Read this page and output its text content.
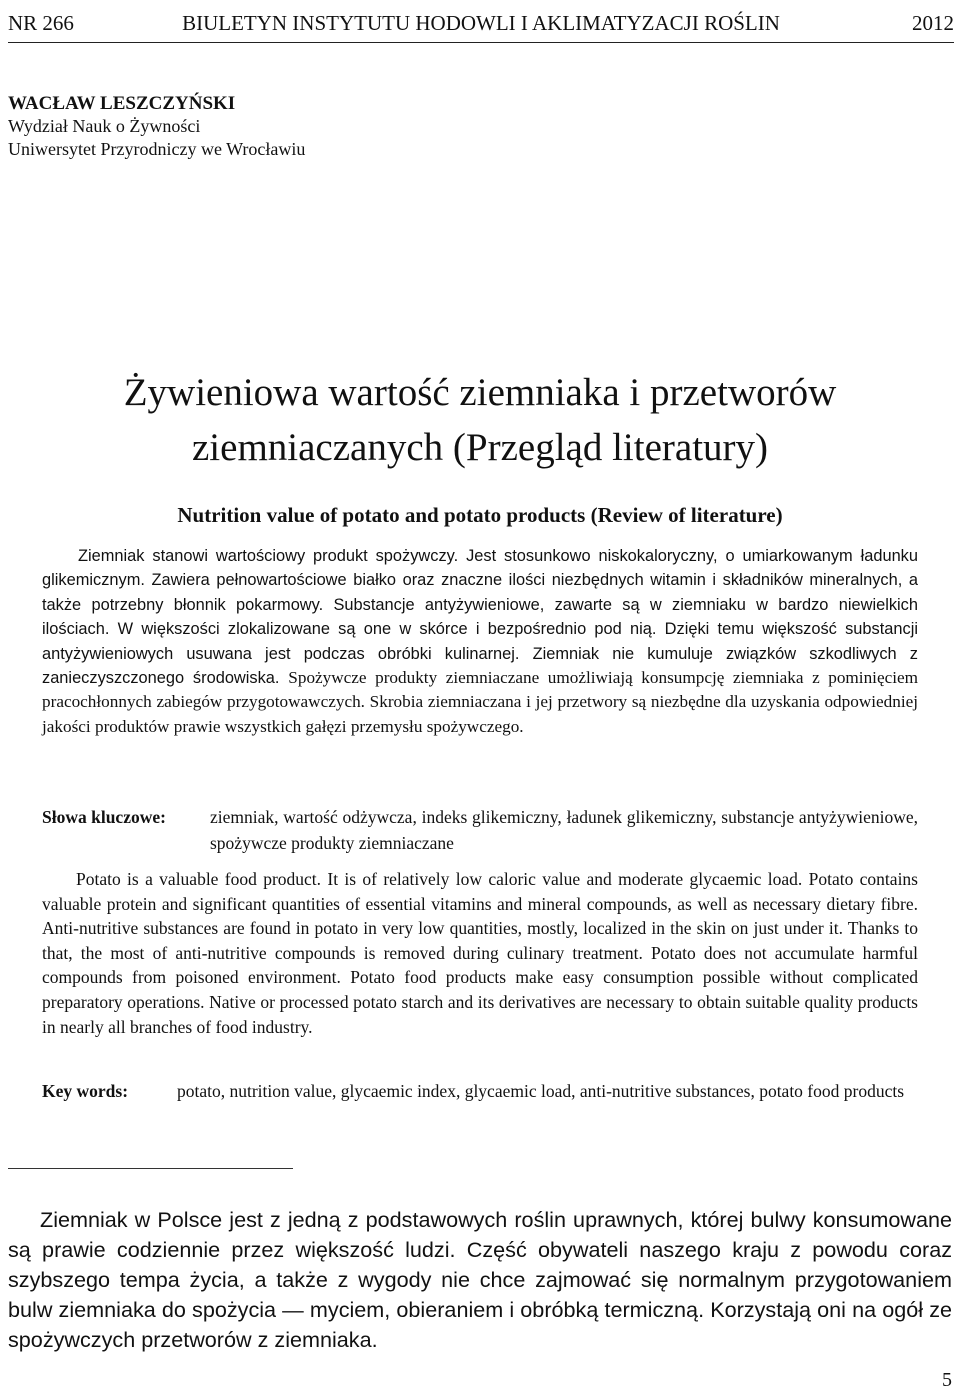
NR 266	BIULETYN INSTYTUTU HODOWLI I AKLIMATYZACJI ROŚLIN	2012
WACŁAW LESZCZYŃSKI
Wydział Nauk o Żywności
Uniwersytet Przyrodniczy we Wrocławiu
Żywieniowa wartość ziemniaka i przetworów
ziemniaczanych (Przegląd literatury)
Nutrition value of potato and potato products (Review of literature)

Ziemniak stanowi wartościowy produkt spożywczy. Jest stosunkowo niskokaloryczny, o umiarkowanym ładunku glikemicznym. Zawiera pełnowartościowe białko oraz znaczne ilości niezbędnych witamin i składników mineralnych, a także potrzebny błonnik pokarmowy. Substancje antyżywieniowe, zawarte są w ziemniaku w bardzo niewielkich ilościach. W większości zlokalizowane są one w skórce i bezpośrednio pod nią. Dzięki temu większość substancji antyżywieniowych usuwana jest podczas obróbki kulinarnej. Ziemniak nie kumuluje związków szkodliwych z zanieczyszczonego środowiska. Spożywcze produkty ziemniaczane umożliwiają konsumpcję ziemniaka z pominięciem pracochłonnych zabiegów przygotowawczych. Skrobia ziemniaczana i jej przetwory są niezbędne dla uzyskania odpowiedniej jakości produktów prawie wszystkich gałęzi przemysłu spożywczego.

Słowa kluczowe:	ziemniak, wartość odżywcza, indeks glikemiczny, ładunek glikemiczny, substancje antyżywieniowe, spożywcze produkty ziemniaczane

Potato is a valuable food product. It is of relatively low caloric value and moderate glycaemic load. Potato contains valuable protein and significant quantities of essential vitamins and mineral compounds, as well as necessary dietary fibre. Anti-nutritive substances are found in potato in very low quantities, mostly, localized in the skin on just under it. Thanks to that, the most of anti-nutritive compounds is removed during culinary treatment. Potato does not accumulate harmful compounds from poisoned environment. Potato food products make easy consumption possible without complicated preparatory operations. Native or processed potato starch and its derivatives are necessary to obtain suitable quality products in nearly all branches of food industry.

Key words:	potato, nutrition value, glycaemic index, glycaemic load, anti-nutritive substances, potato food products

Ziemniak w Polsce jest z jedną z podstawowych roślin uprawnych, której bulwy konsumowane są prawie codziennie przez większość ludzi. Część obywateli naszego kraju z powodu coraz szybszego tempa życia, a także z wygody nie chce zajmować się normalnym przygotowaniem bulw ziemniaka do spożycia — myciem, obieraniem i obróbką termiczną. Korzystają oni na ogół ze spożywczych przetworów z ziemniaka.

5
